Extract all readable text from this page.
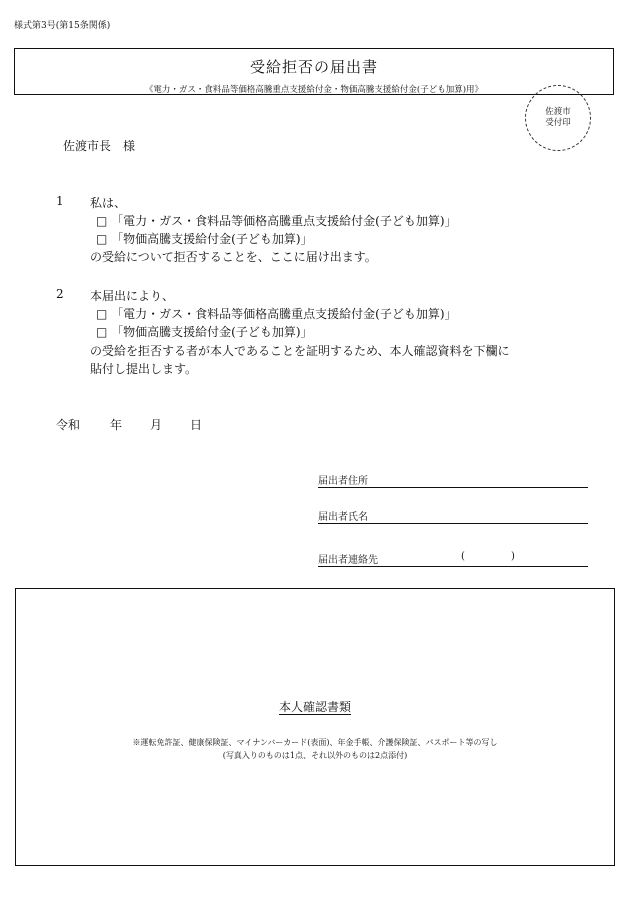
様式第3号(第15条関係)
受給拒否の届出書
《電力・ガス・食料品等価格高騰重点支援給付金・物価高騰支援給付金(子ども加算)用》
佐渡市
受付印
佐渡市長　様
1 私は、
□ 「電力・ガス・食料品等価格高騰重点支援給付金(子ども加算)」
□ 「物価高騰支援給付金(子ども加算)」
の受給について拒否することを、ここに届け出ます。
2 本届出により、
□ 「電力・ガス・食料品等価格高騰重点支援給付金(子ども加算)」
□ 「物価高騰支援給付金(子ども加算)」
の受給を拒否する者が本人であることを証明するため、本人確認資料を下欄に
貼付し提出します。
令和 年 月 日
届出者住所
届出者氏名
届出者連絡先	(	)
本人確認書類
※運転免許証、健康保険証、マイナンバーカード(表面)、年金手帳、介護保険証、パスポート等の写し
(写真入りのものは1点、それ以外のものは2点添付)
